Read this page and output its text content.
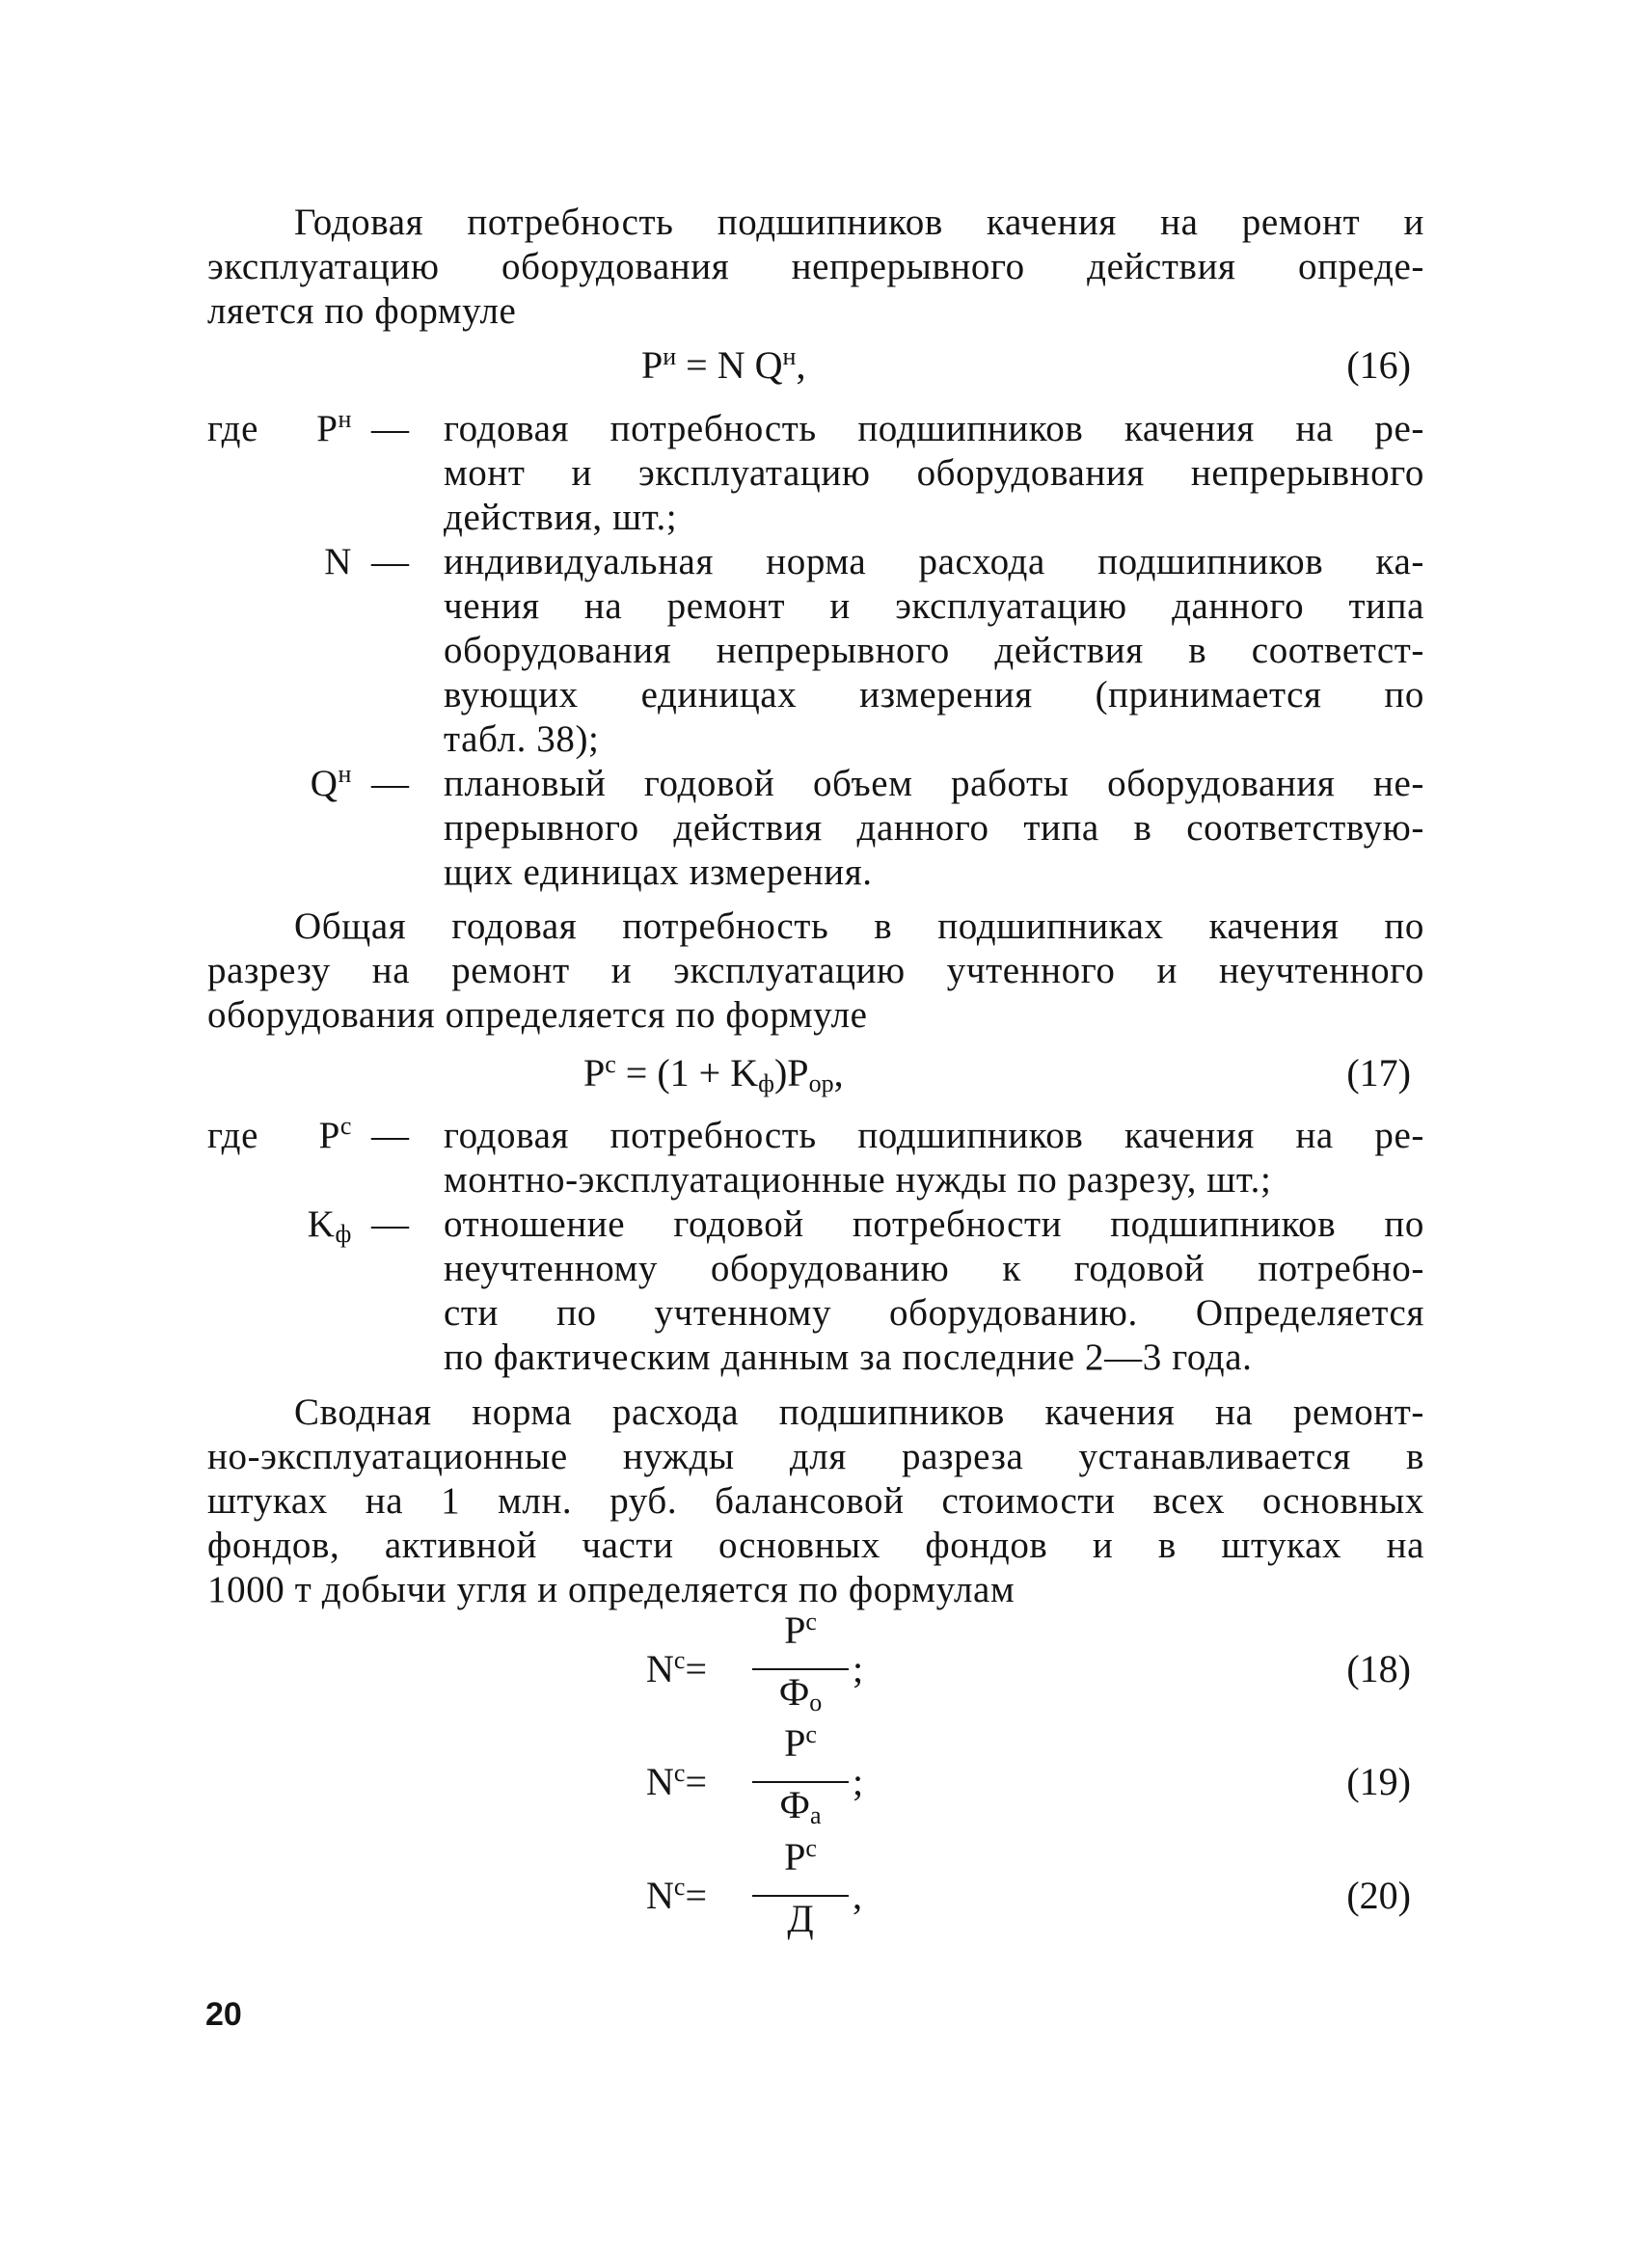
Годовая потребность подшипников качения на ремонт и
эксплуатацию оборудования непрерывного действия опреде-
ляется по формуле
$P^и = N$ $Q^н$,	(16)
где	$P^н$ — годовая потребность подшипников качения на ре-
монт и эксплуатацию оборудования непрерывного
действия, шт.;
N — индивидуальная норма расхода подшипников ка-
чения на ремонт и эксплуатацию данного типа
оборудования непрерывного действия в соответст-
вующих единицах измерения (принимается по
табл. 38);
$Q^н$ — плановый годовой объем работы оборудования не-
прерывного действия данного типа в соответствую-
щих единицах измерения.
Общая годовая потребность в подшипниках качения по
разрезу на ремонт и эксплуатацию учтенного и неучтенного
оборудования определяется по формуле
$P^с = (1 + K_ф)P_{ор}$,	(17)
где	$P^с$ — годовая потребность подшипников качения на ре-
монтно-эксплуатационные нужды по разрезу, шт.;
$K_ф$ — отношение годовой потребности подшипников по
неучтенному оборудованию к годовой потребно-
сти по учтенному оборудованию. Определяется
по фактическим данным за последние 2—3 года.
Сводная норма расхода подшипников качения на ремонт-
но-эксплуатационные нужды для разреза устанавливается в
штуках на 1 млн. руб. балансовой стоимости всех основных
фондов, активной части основных фондов и в штуках на
1000 т добычи угля и определяется по формулам
$N^с=$
$P^с$
$Ф_о$
;	(18)
$N^с=$
$P^с$
$Ф_а$
;	(19)
$N^с=$
$P^с$
Д
,	(20)
20
